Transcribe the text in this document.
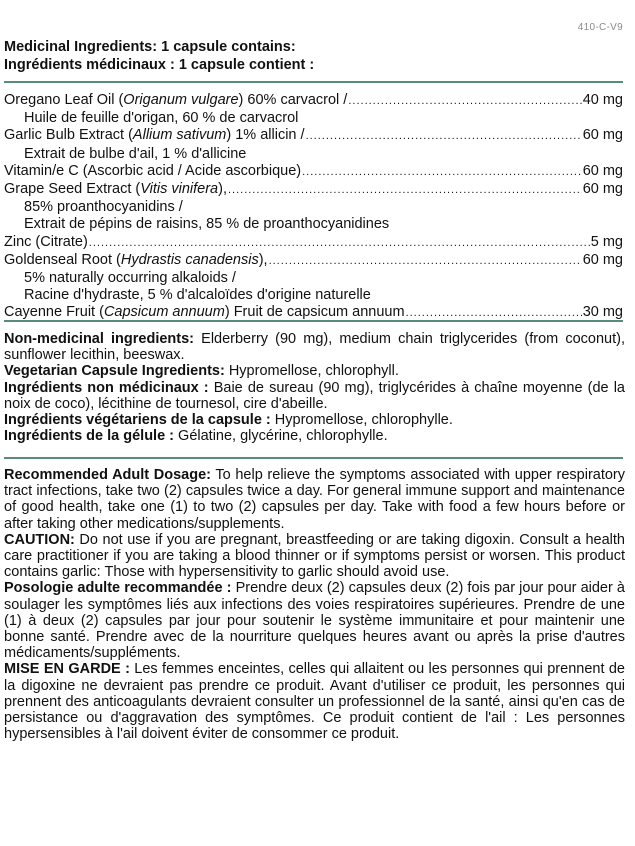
410-C-V9
Medicinal Ingredients: 1 capsule contains:
Ingrédients médicinaux : 1 capsule contient :
Oregano Leaf Oil (Origanum vulgare) 60% carvacrol / .....	40 mg
Huile de feuille d'origan, 60 % de carvacrol
Garlic Bulb Extract (Allium sativum) 1% allicin / .....	60 mg
Extrait de bulbe d'ail, 1 % d'allicine
Vitamin/e C (Ascorbic acid / Acide ascorbique) .....	60 mg
Grape Seed Extract (Vitis vinifera), .....	60 mg
85% proanthocyanidins /
Extrait de pépins de raisins, 85 % de proanthocyanidines
Zinc (Citrate) .....	5 mg
Goldenseal Root (Hydrastis canadensis), .....	60 mg
5% naturally occurring alkaloids /
Racine d'hydraste, 5 % d'alcaloïdes d'origine naturelle
Cayenne Fruit (Capsicum annuum) Fruit de capsicum annuum .....	30 mg
Non-medicinal ingredients: Elderberry (90 mg), medium chain triglycerides (from coconut), sunflower lecithin, beeswax.
Vegetarian Capsule Ingredients: Hypromellose, chlorophyll.
Ingrédients non médicinaux : Baie de sureau (90 mg), triglycérides à chaîne moyenne (de la noix de coco), lécithine de tournesol, cire d'abeille.
Ingrédients végétariens de la capsule : Hypromellose, chlorophylle.
Ingrédients de la gélule : Gélatine, glycérine, chlorophylle.
Recommended Adult Dosage: To help relieve the symptoms associated with upper respiratory tract infections, take two (2) capsules twice a day. For general immune support and maintenance of good health, take one (1) to two (2) capsules per day. Take with food a few hours before or after taking other medications/supplements.
CAUTION: Do not use if you are pregnant, breastfeeding or are taking digoxin. Consult a health care practitioner if you are taking a blood thinner or if symptoms persist or worsen. This product contains garlic: Those with hypersensitivity to garlic should avoid use.
Posologie adulte recommandée : Prendre deux (2) capsules deux (2) fois par jour pour aider à soulager les symptômes liés aux infections des voies respiratoires supérieures. Prendre de une (1) à deux (2) capsules par jour pour soutenir le système immunitaire et pour maintenir une bonne santé. Prendre avec de la nourriture quelques heures avant ou après la prise d'autres médicaments/suppléments.
MISE EN GARDE : Les femmes enceintes, celles qui allaitent ou les personnes qui prennent de la digoxine ne devraient pas prendre ce produit. Avant d'utiliser ce produit, les personnes qui prennent des anticoagulants devraient consulter un professionnel de la santé, ainsi qu'en cas de persistance ou d'aggravation des symptômes. Ce produit contient de l'ail : Les personnes hypersensibles à l'ail doivent éviter de consommer ce produit.
